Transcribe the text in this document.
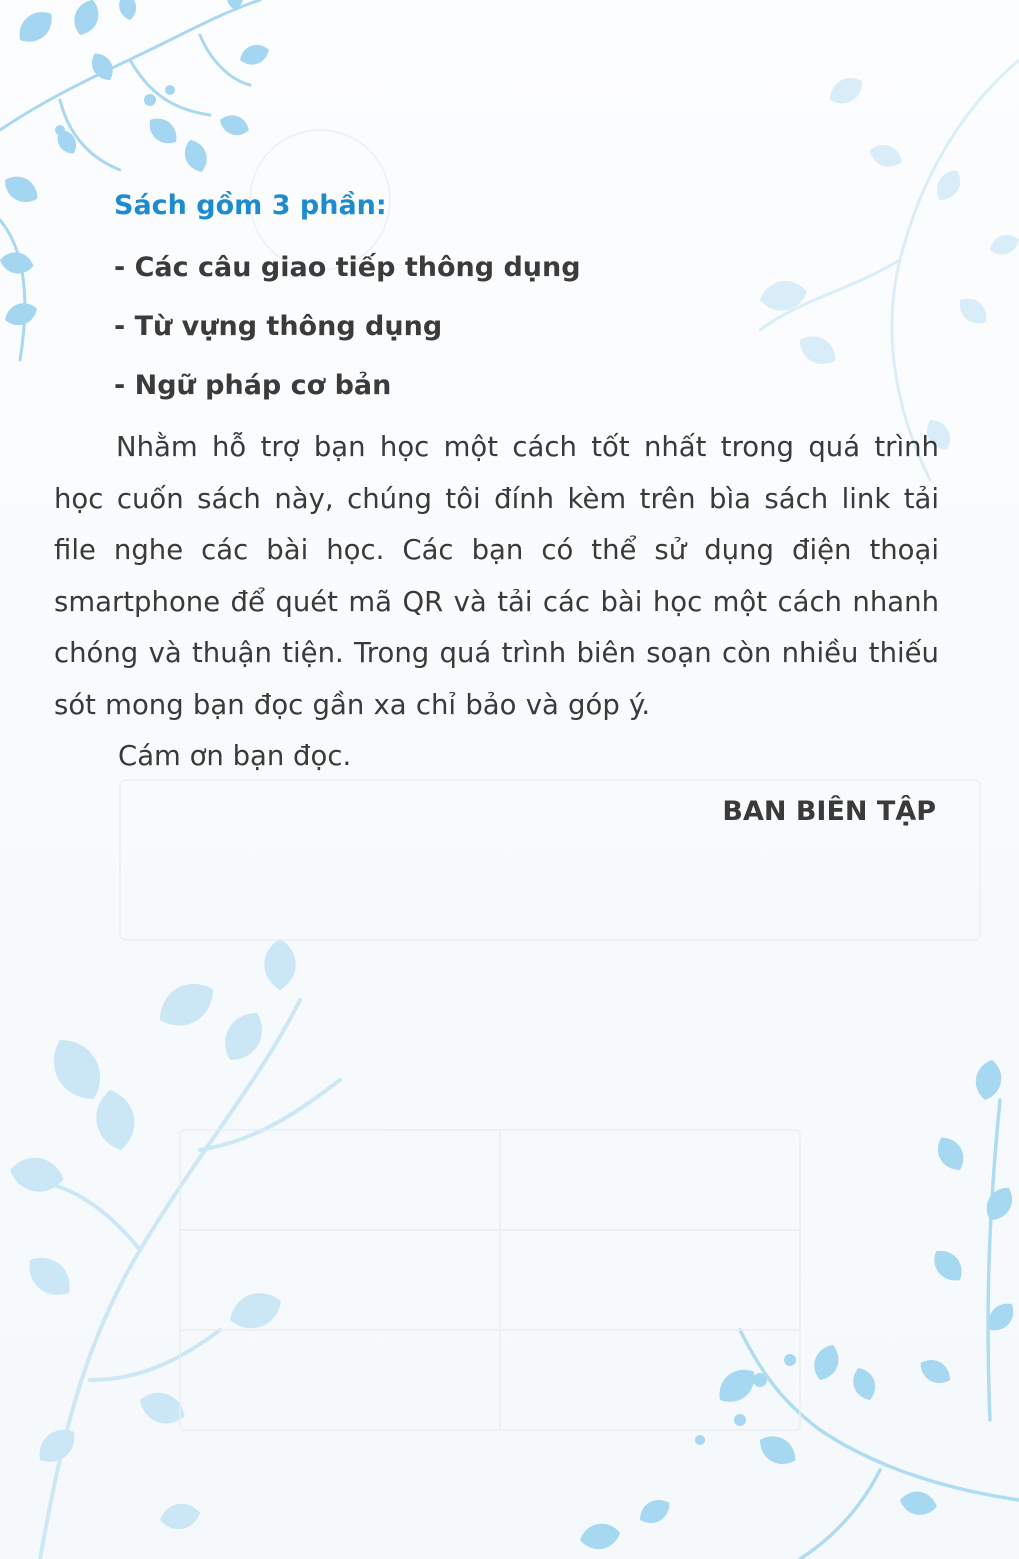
Sách gồm 3 phần:

- Các câu giao tiếp thông dụng
- Từ vựng thông dụng
- Ngữ pháp cơ bản

Nhằm hỗ trợ bạn học một cách tốt nhất trong quá trình học cuốn sách này, chúng tôi đính kèm trên bìa sách link tải file nghe các bài học. Các bạn có thể sử dụng điện thoại smartphone để quét mã QR và tải các bài học một cách nhanh chóng và thuận tiện. Trong quá trình biên soạn còn nhiều thiếu sót mong bạn đọc gần xa chỉ bảo và góp ý.

Cám ơn bạn đọc.

BAN BIÊN TẬP
